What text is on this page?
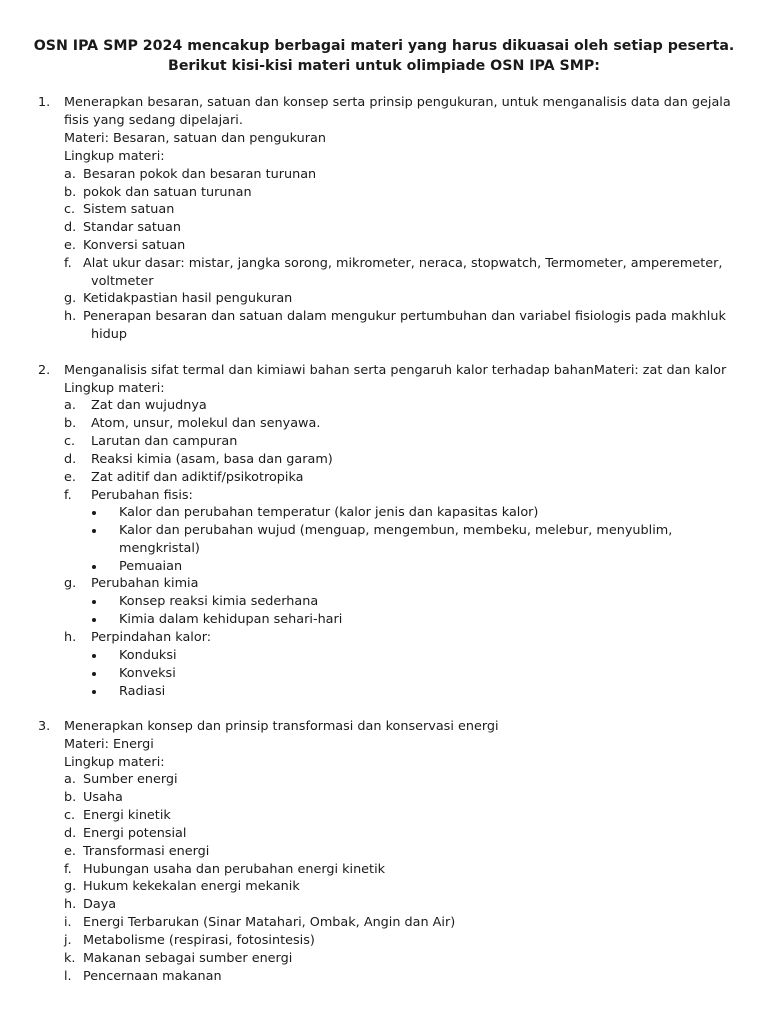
OSN IPA SMP 2024 mencakup berbagai materi yang harus dikuasai oleh setiap peserta.
Berikut kisi-kisi materi untuk olimpiade OSN IPA SMP:
1. Menerapkan besaran, satuan dan konsep serta prinsip pengukuran, untuk menganalisis data dan gejala
fisis yang sedang dipelajari.
Materi: Besaran, satuan dan pengukuran
Lingkup materi:
a. Besaran pokok dan besaran turunan
b. pokok dan satuan turunan
c. Sistem satuan
d. Standar satuan
e. Konversi satuan
f. Alat ukur dasar: mistar, jangka sorong, mikrometer, neraca, stopwatch, Termometer, amperemeter,
voltmeter
g. Ketidakpastian hasil pengukuran
h. Penerapan besaran dan satuan dalam mengukur pertumbuhan dan variabel fisiologis pada makhluk
hidup
2. Menganalisis sifat termal dan kimiawi bahan serta pengaruh kalor terhadap bahanMateri: zat dan kalor
Lingkup materi:
a. Zat dan wujudnya
b. Atom, unsur, molekul dan senyawa.
c. Larutan dan campuran
d. Reaksi kimia (asam, basa dan garam)
e. Zat aditif dan adiktif/psikotropika
f. Perubahan fisis:
Kalor dan perubahan temperatur (kalor jenis dan kapasitas kalor)
Kalor dan perubahan wujud (menguap, mengembun, membeku, melebur, menyublim,
mengkristal)
Pemuaian
g. Perubahan kimia
Konsep reaksi kimia sederhana
Kimia dalam kehidupan sehari-hari
h. Perpindahan kalor:
Konduksi
Konveksi
Radiasi
3. Menerapkan konsep dan prinsip transformasi dan konservasi energi
Materi: Energi
Lingkup materi:
a. Sumber energi
b. Usaha
c. Energi kinetik
d. Energi potensial
e. Transformasi energi
f. Hubungan usaha dan perubahan energi kinetik
g. Hukum kekekalan energi mekanik
h. Daya
i. Energi Terbarukan (Sinar Matahari, Ombak, Angin dan Air)
j. Metabolisme (respirasi, fotosintesis)
k. Makanan sebagai sumber energi
l. Pencernaan makanan
